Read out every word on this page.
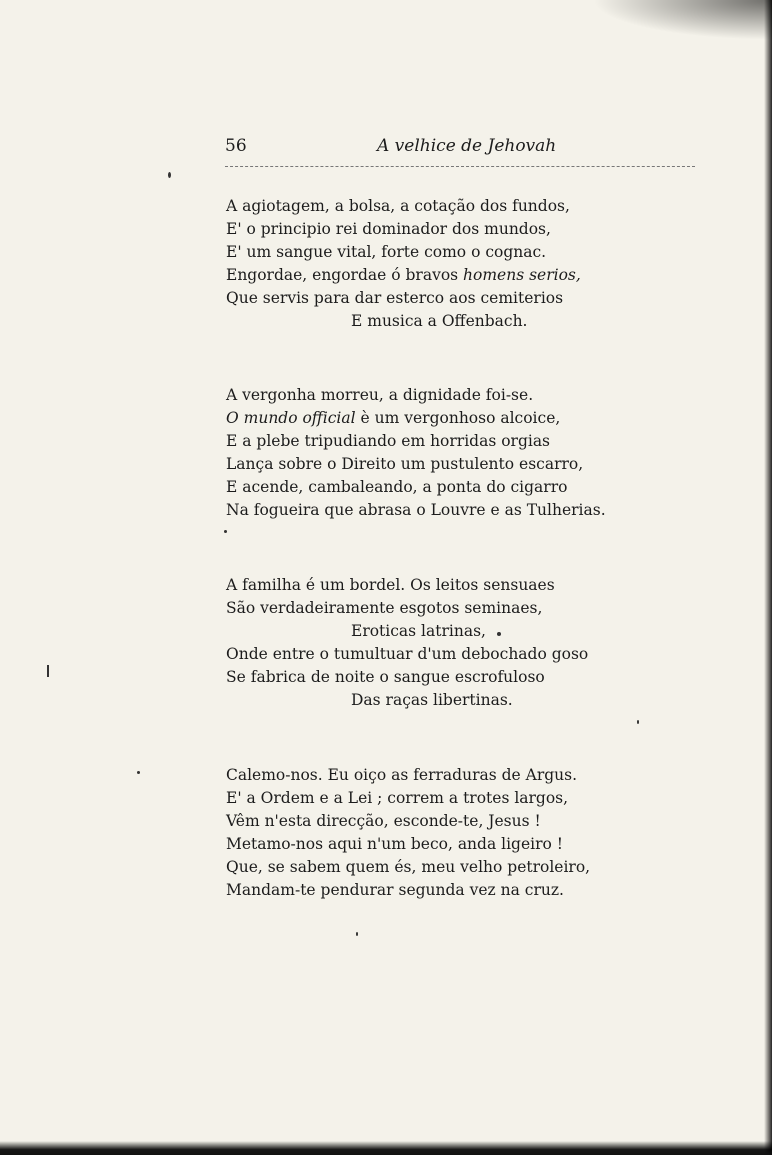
56	A velhice de Jehovah
A agiotagem, a bolsa, a cotação dos fundos,
E' o principio rei dominador dos mundos,
E' um sangue vital, forte como o cognac.
Engordae, engordae ó bravos homens serios,
Que servis para dar esterco aos cemiterios
E musica a Offenbach.
A vergonha morreu, a dignidade foi-se.
O mundo official è um vergonhoso alcoice,
E a plebe tripudiando em horridas orgias
Lança sobre o Direito um pustulento escarro,
E acende, cambaleando, a ponta do cigarro
Na fogueira que abrasa o Louvre e as Tulherias.
A familha é um bordel. Os leitos sensuaes
São verdadeiramente esgotos seminaes,
Eroticas latrinas,
Onde entre o tumultuar d'um debochado goso
Se fabrica de noite o sangue escrofuloso
Das raças libertinas.
Calemo-nos. Eu oiço as ferraduras de Argus.
E' a Ordem e a Lei ; correm a trotes largos,
Vêm n'esta direcção, esconde-te, Jesus !
Metamo-nos aqui n'um beco, anda ligeiro !
Que, se sabem quem és, meu velho petroleiro,
Mandam-te pendurar segunda vez na cruz.
